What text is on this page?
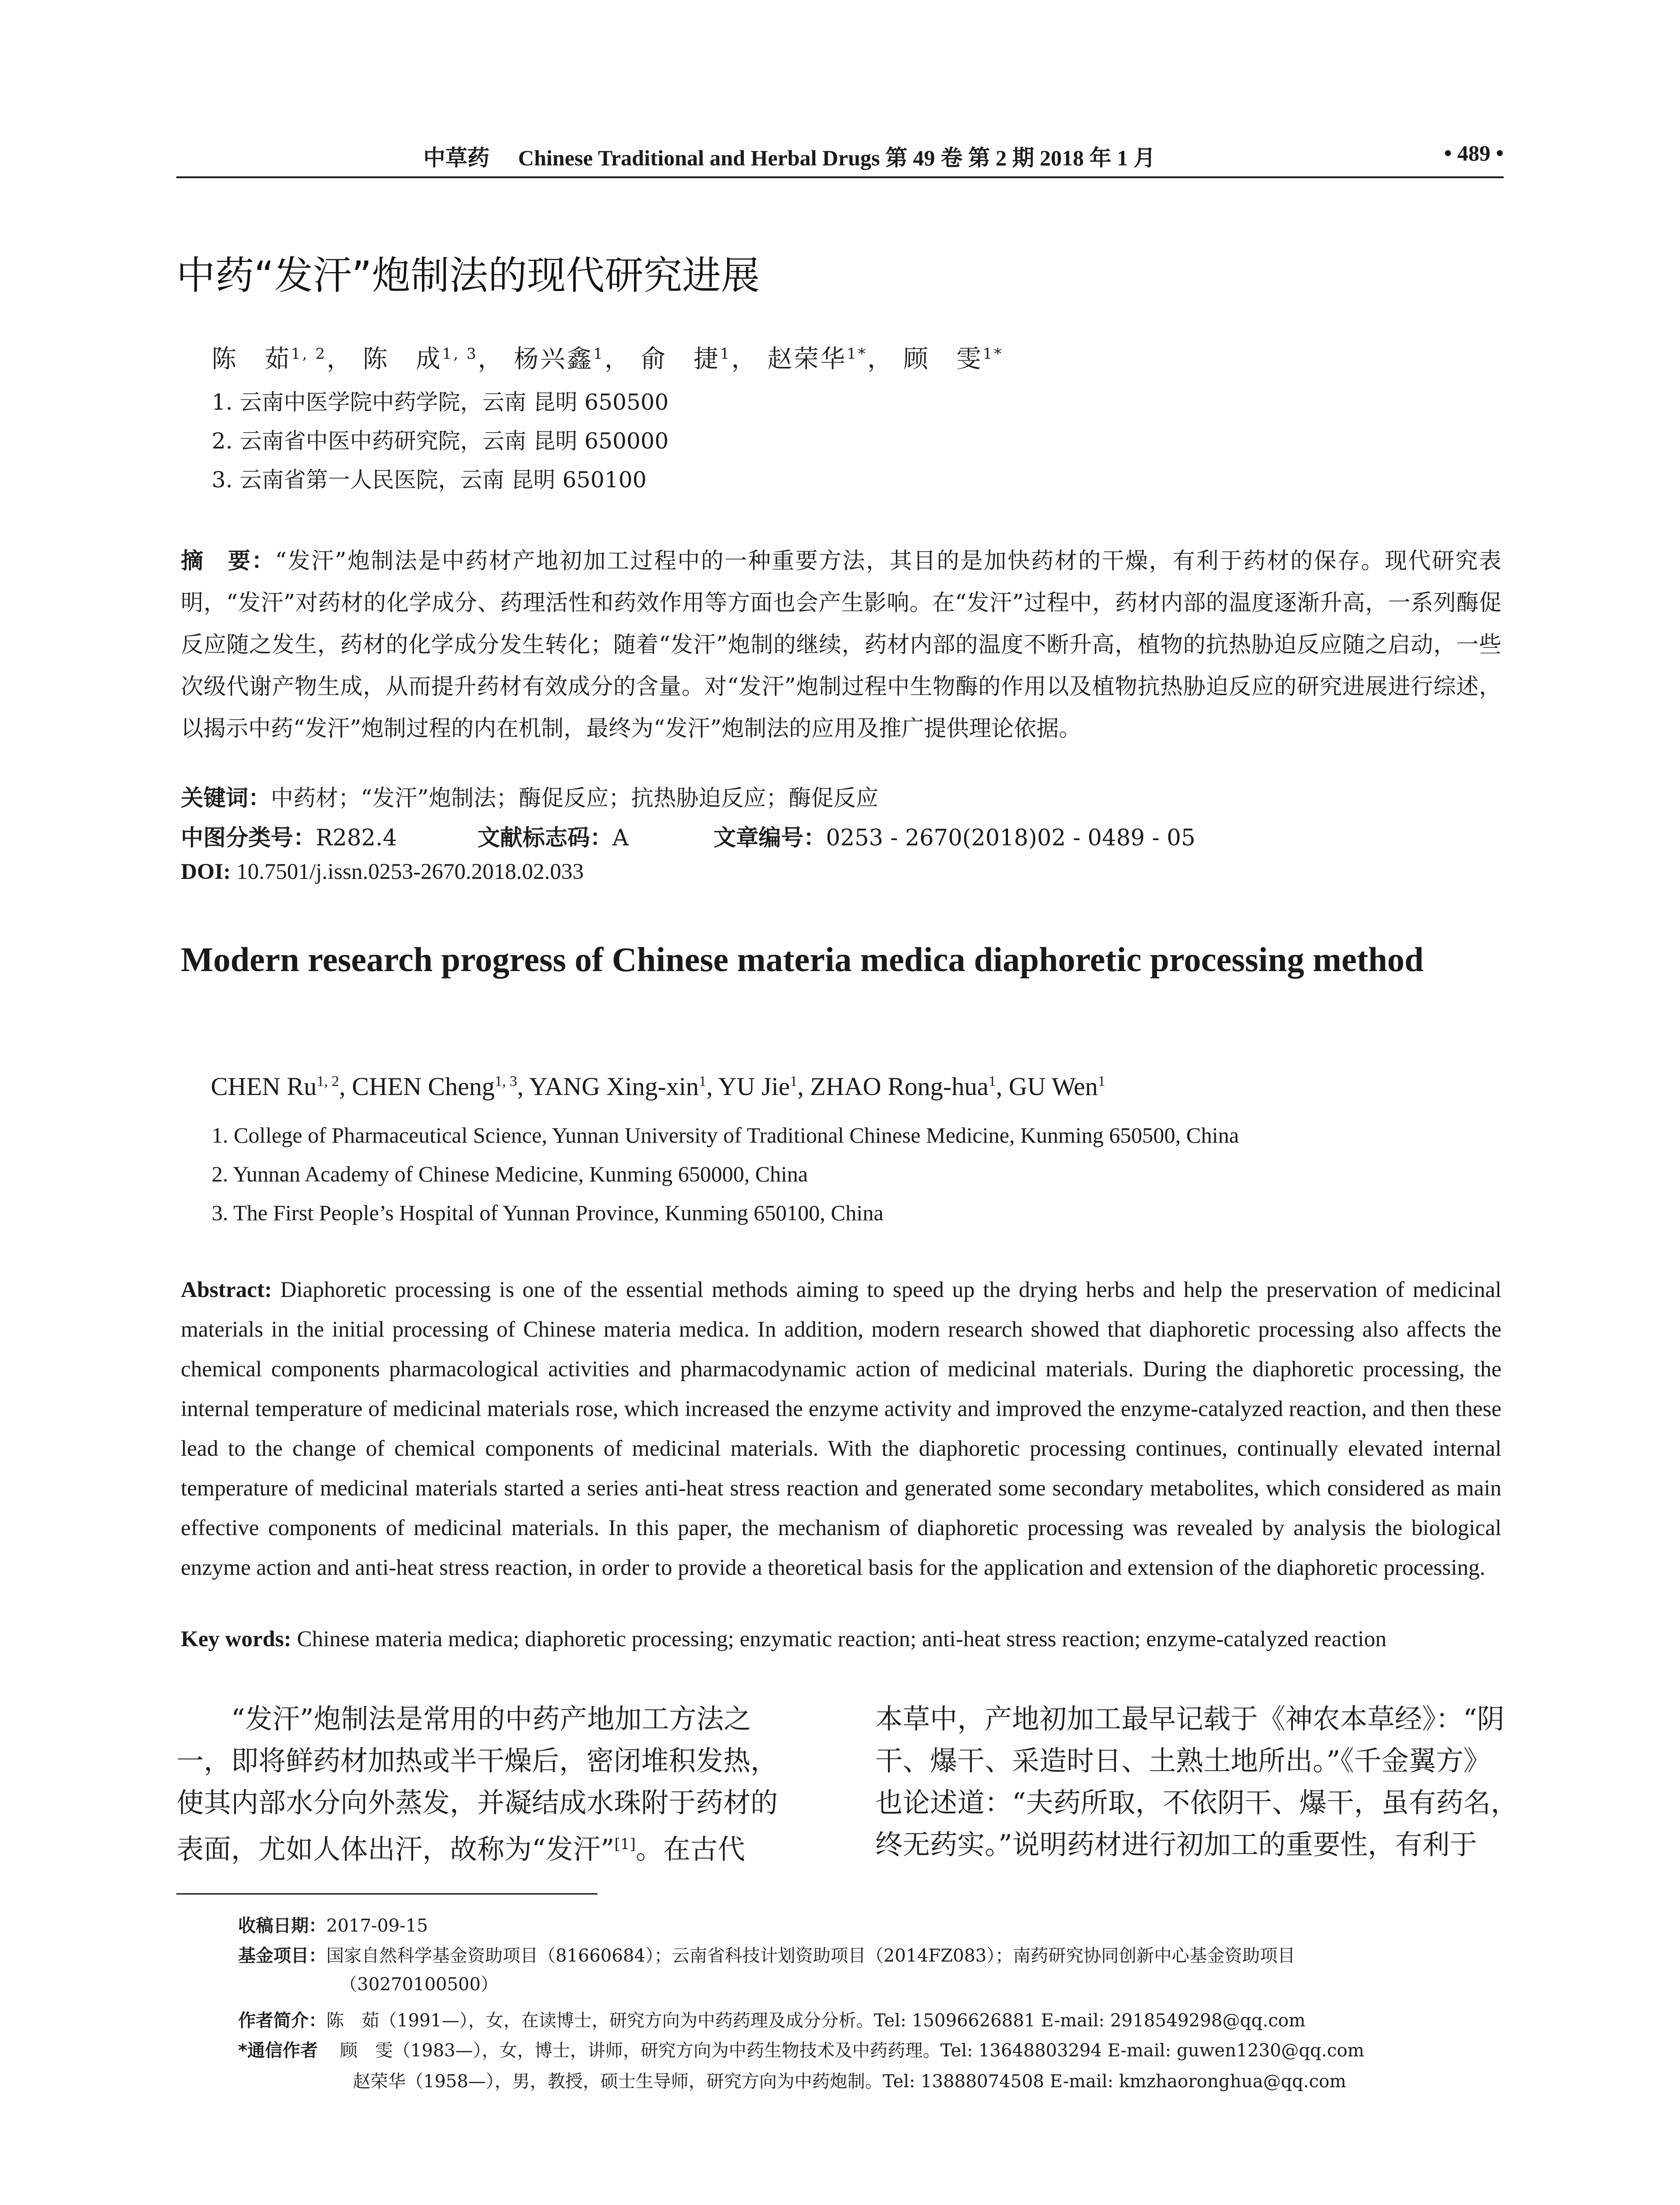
中草药 Chinese Traditional and Herbal Drugs 第 49 卷 第 2 期 2018 年 1 月	• 489 •
中药“发汗”炮制法的现代研究进展
陈　茹$^{1, 2}$， 陈　成$^{1, 3}$， 杨兴鑫$^1$， 俞　捷$^1$， 赵荣华$^{1*}$， 顾　雯$^{1*}$
1. 云南中医学院中药学院，云南 昆明 650500
2. 云南省中医中药研究院，云南 昆明 650000
3. 云南省第一人民医院，云南 昆明 650100
摘　要：“发汗”炮制法是中药材产地初加工过程中的一种重要方法，其目的是加快药材的干燥，有利于药材的保存。现代研究表明，“发汗”对药材的化学成分、药理活性和药效作用等方面也会产生影响。在“发汗”过程中，药材内部的温度逐渐升高，一系列酶促反应随之发生，药材的化学成分发生转化；随着“发汗”炮制的继续，药材内部的温度不断升高，植物的抗热胁迫反应随之启动，一些次级代谢产物生成，从而提升药材有效成分的含量。对“发汗”炮制过程中生物酶的作用以及植物抗热胁迫反应的研究进展进行综述，以揭示中药“发汗”炮制过程的内在机制，最终为“发汗”炮制法的应用及推广提供理论依据。
关键词：中药材；“发汗”炮制法；酶促反应；抗热胁迫反应；酶促反应
中图分类号：R282.4	文献标志码：A	文章编号：0253 - 2670(2018)02 - 0489 - 05
DOI: 10.7501/j.issn.0253-2670.2018.02.033
Modern research progress of Chinese materia medica diaphoretic processing method
CHEN Ru$^{1, 2}$, CHEN Cheng$^{1, 3}$, YANG Xing-xin$^1$, YU Jie$^1$, ZHAO Rong-hua$^1$, GU Wen$^1$
1. College of Pharmaceutical Science, Yunnan University of Traditional Chinese Medicine, Kunming 650500, China
2. Yunnan Academy of Chinese Medicine, Kunming 650000, China
3. The First People’s Hospital of Yunnan Province, Kunming 650100, China
Abstract: Diaphoretic processing is one of the essential methods aiming to speed up the drying herbs and help the preservation of medicinal materials in the initial processing of Chinese materia medica. In addition, modern research showed that diaphoretic processing also affects the chemical components pharmacological activities and pharmacodynamic action of medicinal materials. During the diaphoretic processing, the internal temperature of medicinal materials rose, which increased the enzyme activity and improved the enzyme-catalyzed reaction, and then these lead to the change of chemical components of medicinal materials. With the diaphoretic processing continues, continually elevated internal temperature of medicinal materials started a series anti-heat stress reaction and generated some secondary metabolites, which considered as main effective components of medicinal materials. In this paper, the mechanism of diaphoretic processing was revealed by analysis the biological enzyme action and anti-heat stress reaction, in order to provide a theoretical basis for the application and extension of the diaphoretic processing.
Key words: Chinese materia medica; diaphoretic processing; enzymatic reaction; anti-heat stress reaction; enzyme-catalyzed reaction
“发汗”炮制法是常用的中药产地加工方法之
一，即将鲜药材加热或半干燥后，密闭堆积发热，
使其内部水分向外蒸发，并凝结成水珠附于药材的
表面，尤如人体出汗，故称为“发汗”[1]。在古代
本草中，产地初加工最早记载于《神农本草经》：“阴
干、爆干、采造时日、土熟土地所出。”《千金翼方》
也论述道：“夫药所取，不依阴干、爆干，虽有药名，
终无药实。”说明药材进行初加工的重要性，有利于
收稿日期：2017-09-15
基金项目：国家自然科学基金资助项目（81660684）；云南省科技计划资助项目（2014FZ083）；南药研究协同创新中心基金资助项目
（30270100500）
作者简介：陈　茹（1991—），女，在读博士，研究方向为中药药理及成分分析。Tel: 15096626881 E-mail: 2918549298@qq.com
*通信作者 顾　雯（1983—），女，博士，讲师，研究方向为中药生物技术及中药药理。Tel: 13648803294 E-mail: guwen1230@qq.com
赵荣华（1958—），男，教授，硕士生导师，研究方向为中药炮制。Tel: 13888074508 E-mail: kmzhaoronghua@qq.com
